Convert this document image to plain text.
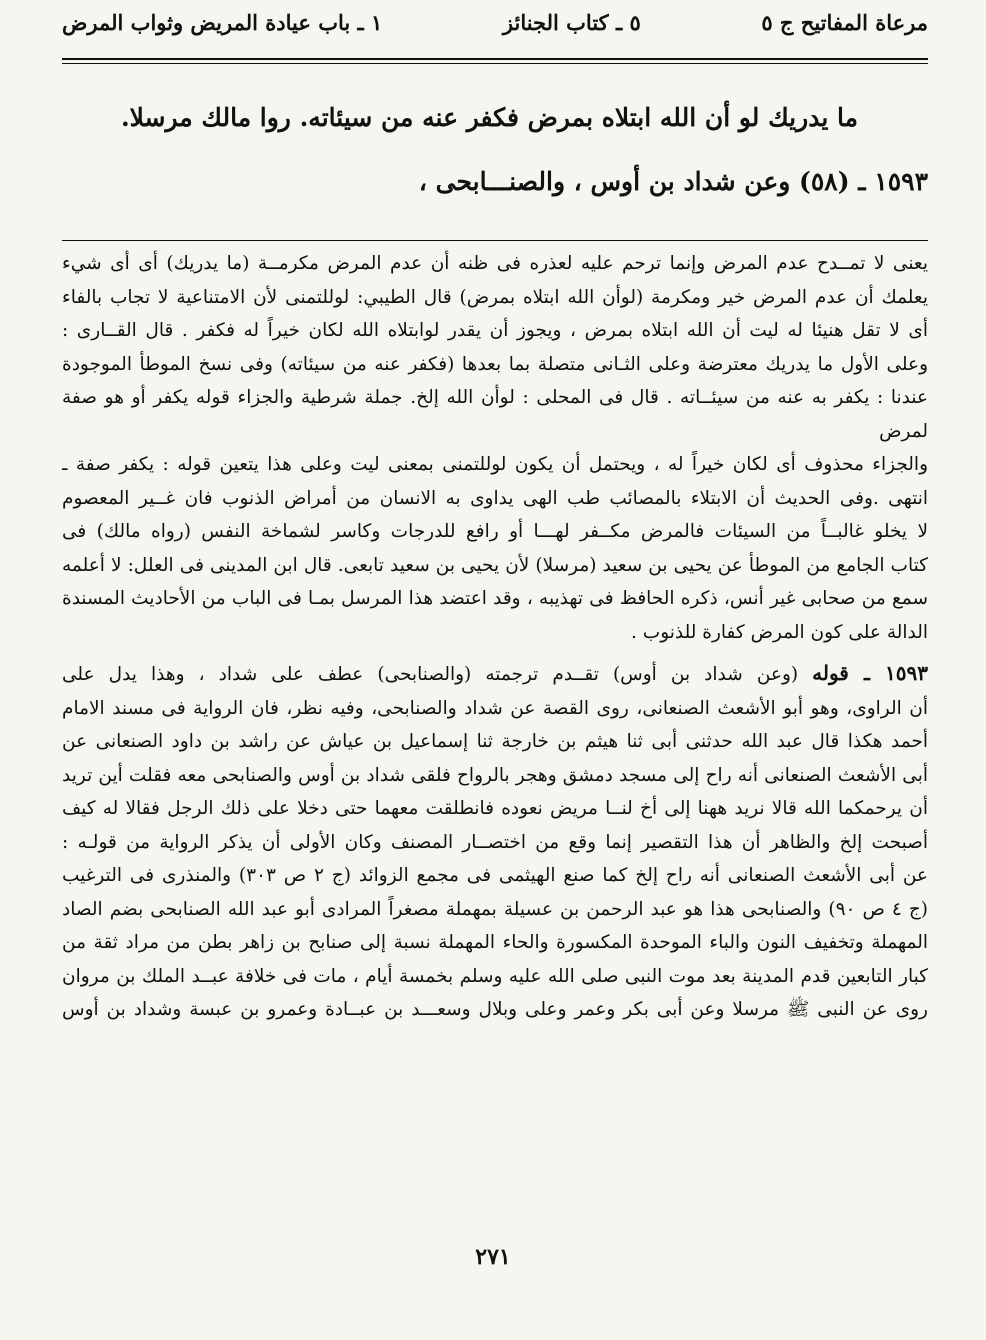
مرعاة المفاتيح ج ٥
٥ ـ كتاب الجنائز
١ ـ باب عيادة المريض وثواب المرض

ما يدريك لو أن الله ابتلاه بمرض فكفر عنه من سيئاته. روا مالك مرسلا.

١٥٩٣ ـ (٥٨) وعن شداد بن أوس ، والصنـــابحى ،

يعنى لا تمــدح عدم المرض وإنما ترحم عليه لعذره فى ظنه أن عدم المرض مكرمــة (ما يدريك) أى أى شيء

يعلمك أن عدم المرض خير ومكرمة (لوأن الله ابتلاه بمرض) قال الطيبي: لوللتمنى لأن الامتناعية لا تجاب بالفاء

أى لا تقل هنيئا له ليت أن الله ابتلاه بمرض ، ويجوز أن يقدر لوابتلاه الله لكان خيراً له فكفر . قال القــارى :

وعلى الأول ما يدريك معترضة وعلى الثـانى متصلة بما بعدها (فكفر عنه من سيئاته) وفى نسخ الموطأ الموجودة

عندنا : يكفر به عنه من سيئــاته . قال فى المحلى : لوأن الله إلخ. جملة شرطية والجزاء قوله يكفر أو هو صفة لمرض

والجزاء محذوف أى لكان خيراً له ، ويحتمل أن يكون لوللتمنى بمعنى ليت وعلى هذا يتعين قوله : يكفر صفة ـ

انتهى .وفى الحديث أن الابتلاء بالمصائب طب الهى يداوى به الانسان من أمراض الذنوب فان غــير المعصوم

لا يخلو غالبــاً من السيئات فالمرض مكــفر لهـــا أو رافع للدرجات وكاسر لشماخة النفس (رواه مالك) فى

كتاب الجامع من الموطأ عن يحيى بن سعيد (مرسلا) لأن يحيى بن سعيد تابعى. قال ابن المدينى فى العلل: لا أعلمه

سمع من صحابى غير أنس، ذكره الحافظ فى تهذيبه ، وقد اعتضد هذا المرسل بمـا فى الباب من الأحاديث المسندة

الدالة على كون المرض كفارة للذنوب .

١٥٩٣ ـ قوله (وعن شداد بن أوس) تقــدم ترجمته (والصنابحى) عطف على شداد ، وهذا يدل على

أن الراوى، وهو أبو الأشعث الصنعانى، روى القصة عن شداد والصنابحى، وفيه نظر، فان الرواية فى مسند الامام

أحمد هكذا قال عبد الله حدثنى أبى ثنا هيثم بن خارجة ثنا إسماعيل بن عياش عن راشد بن داود الصنعانى عن

أبى الأشعث الصنعانى أنه راح إلى مسجد دمشق وهجر بالرواح فلقى شداد بن أوس والصنابحى معه فقلت أين تريد

أن يرحمكما الله قالا نريد ههنا إلى أخ لنــا مريض نعوده فانطلقت معهما حتى دخلا على ذلك الرجل فقالا له كيف

أصبحت إلخ والظاهر أن هذا التقصير إنما وقع من اختصــار المصنف وكان الأولى أن يذكر الرواية من قولـه :

عن أبى الأشعث الصنعانى أنه راح إلخ كما صنع الهيثمى فى مجمع الزوائد (ج ٢ ص ٣٠٣) والمنذرى فى الترغيب

(ج ٤ ص ٩٠) والصنابحى هذا هو عبد الرحمن بن عسيلة بمهملة مصغراً المرادى أبو عبد الله الصنابحى بضم الصاد

المهملة وتخفيف النون والباء الموحدة المكسورة والحاء المهملة نسبة إلى صنابح بن زاهر بطن من مراد ثقة من

كبار التابعين قدم المدينة بعد موت النبى صلى الله عليه وسلم بخمسة أيام ، مات فى خلافة عبــد الملك بن مروان

روى عن النبى ﷺ مرسلا وعن أبى بكر وعمر وعلى وبلال وسعـــد بن عبــادة وعمرو بن عبسة وشداد بن أوس

٢٧١
